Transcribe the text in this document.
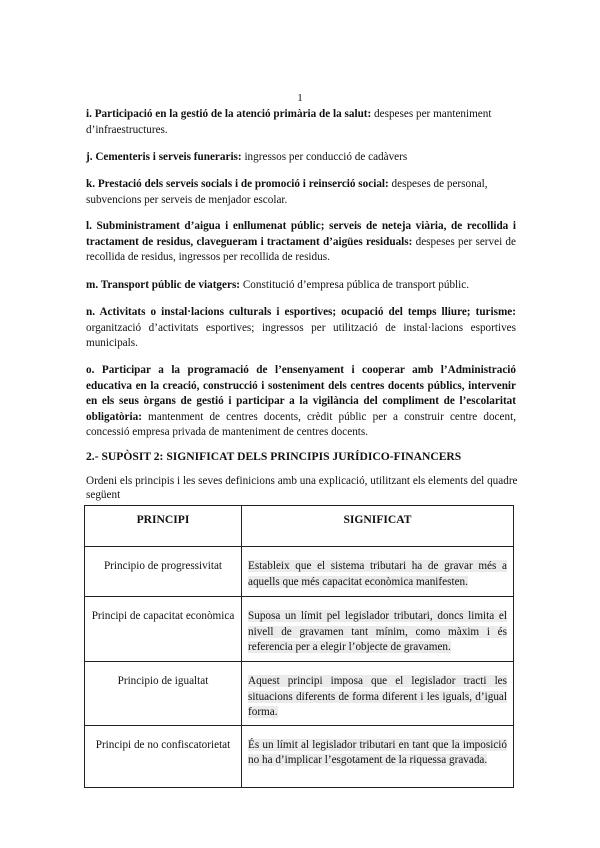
1

i. Participació en la gestió de la atenció primària de la salut: despeses per manteniment d’infraestructures.

j. Cementeris i serveis funeraris: ingressos per conducció de cadàvers

k. Prestació dels serveis socials i de promoció i reinserció social: despeses de personal, subvencions per serveis de menjador escolar.

l. Subministrament d’aigua i enllumenat públic; serveis de neteja viària, de recollida i tractament de residus, clavegueram i tractament d’aigües residuals: despeses per servei de recollida de residus, ingressos per recollida de residus.

m. Transport públic de viatgers: Constitució d’empresa pública de transport públic.

n. Activitats o instal·lacions culturals i esportives; ocupació del temps lliure; turisme: organització d’activitats esportives; ingressos per utilització de instal·lacions esportives municipals.

o. Participar a la programació de l’ensenyament i cooperar amb l’Administració educativa en la creació, construcció i sosteniment dels centres docents públics, intervenir en els seus òrgans de gestió i participar a la vigilància del compliment de l’escolaritat obligatòria: mantenment de centres docents, crèdit públic per a construir centre docent, concessió empresa privada de manteniment de centres docents.

2.- SUPÒSIT 2: SIGNIFICAT DELS PRINCIPIS JURÍDICO-FINANCERS

Ordeni els principis i les seves definicions amb una explicació, utilitzant els elements del quadre següent

PRINCIPI	SIGNIFICAT
Principio de progressivitat	Estableix que el sistema tributari ha de gravar més a aquells que més capacitat econòmica manifesten.
Principi de capacitat econòmica	Suposa un límit pel legislador tributari, doncs limita el nivell de gravamen tant mínim, como màxim i és referencia per a elegir l’objecte de gravamen.
Principio de igualtat	Aquest principi imposa que el legislador tracti les situacions diferents de forma diferent i les iguals, d’igual forma.
Principi de no confiscatorietat	És un límit al legislador tributari en tant que la imposició no ha d’implicar l’esgotament de la riquessa gravada.
